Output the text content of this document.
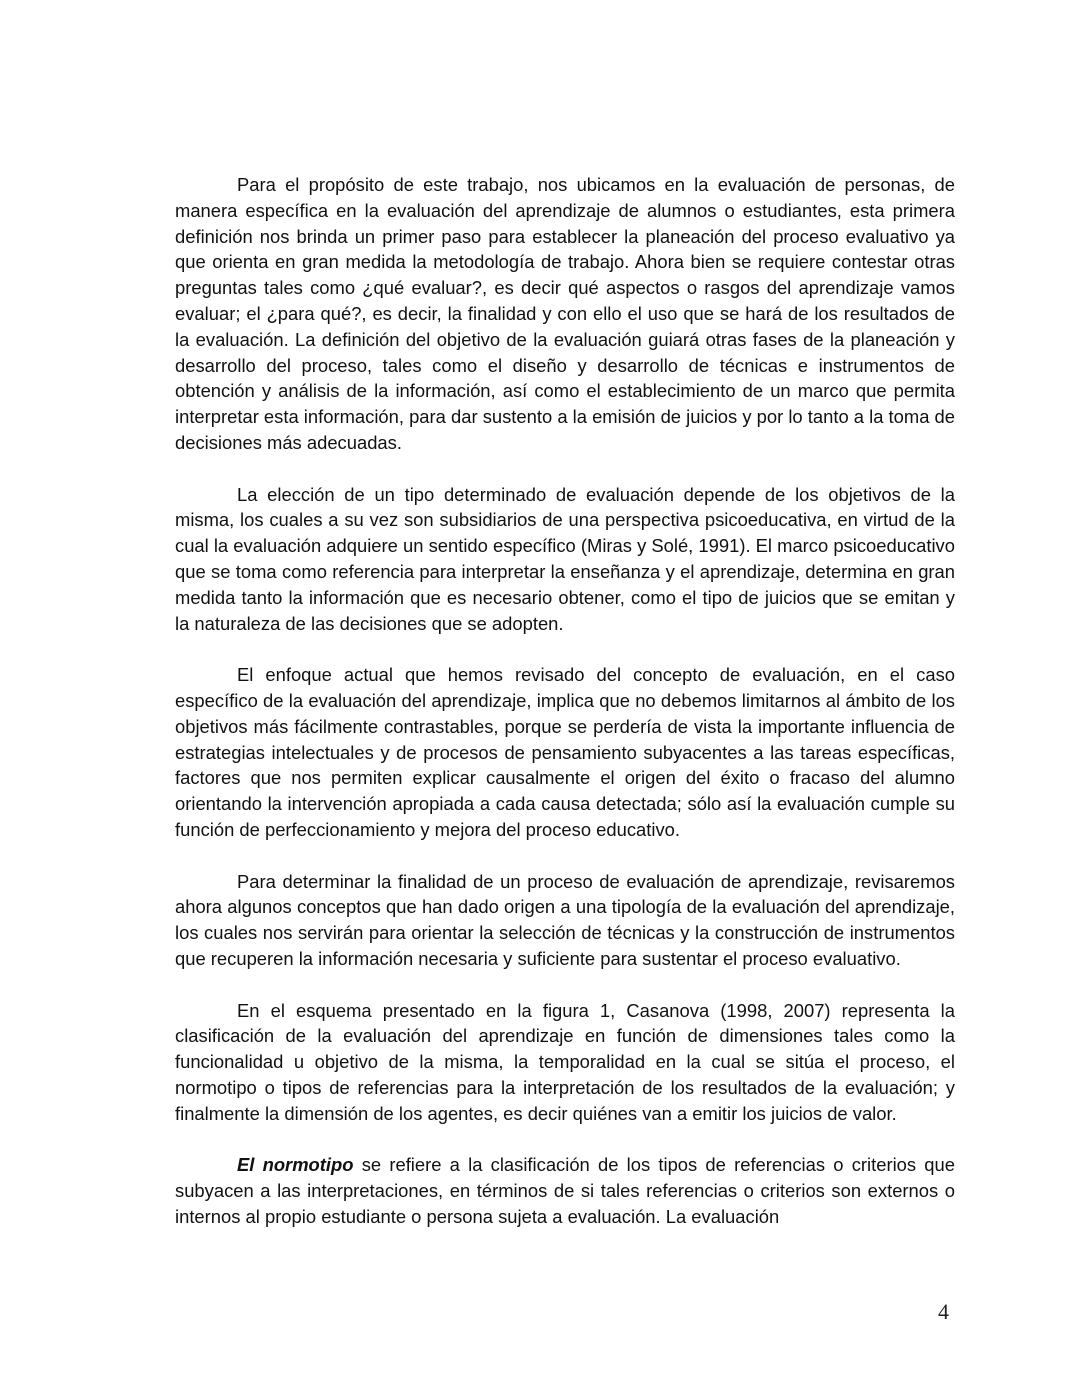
Para el propósito de este trabajo, nos ubicamos en la evaluación de personas, de manera específica en la evaluación del aprendizaje de alumnos o estudiantes, esta primera definición nos brinda un primer paso para establecer la planeación del proceso evaluativo ya que orienta en gran medida la metodología de trabajo. Ahora bien se requiere contestar otras preguntas tales como ¿qué evaluar?, es decir qué aspectos o rasgos del aprendizaje vamos evaluar; el ¿para qué?, es decir, la finalidad y con ello el uso que se hará de los resultados de la evaluación. La definición del objetivo de la evaluación guiará otras fases de la planeación y desarrollo del proceso, tales como el diseño y desarrollo de técnicas e instrumentos de obtención y análisis de la información, así como el establecimiento de un marco que permita interpretar esta información, para dar sustento a la emisión de juicios y por lo tanto a la toma de decisiones más adecuadas.

La elección de un tipo determinado de evaluación depende de los objetivos de la misma, los cuales a su vez son subsidiarios de una perspectiva psicoeducativa, en virtud de la cual la evaluación adquiere un sentido específico (Miras y Solé, 1991). El marco psicoeducativo que se toma como referencia para interpretar la enseñanza y el aprendizaje, determina en gran medida tanto la información que es necesario obtener, como el tipo de juicios que se emitan y la naturaleza de las decisiones que se adopten.

El enfoque actual que hemos revisado del concepto de evaluación, en el caso específico de la evaluación del aprendizaje, implica que no debemos limitarnos al ámbito de los objetivos más fácilmente contrastables, porque se perdería de vista la importante influencia de estrategias intelectuales y de procesos de pensamiento subyacentes a las tareas específicas, factores que nos permiten explicar causalmente el origen del éxito o fracaso del alumno orientando la intervención apropiada a cada causa detectada; sólo así la evaluación cumple su función de perfeccionamiento y mejora del proceso educativo.

Para determinar la finalidad de un proceso de evaluación de aprendizaje, revisaremos ahora algunos conceptos que han dado origen a una tipología de la evaluación del aprendizaje, los cuales nos servirán para orientar la selección de técnicas y la construcción de instrumentos que recuperen la información necesaria y suficiente para sustentar el proceso evaluativo.

En el esquema presentado en la figura 1, Casanova (1998, 2007) representa la clasificación de la evaluación del aprendizaje en función de dimensiones tales como la funcionalidad u objetivo de la misma, la temporalidad en la cual se sitúa el proceso, el normotipo o tipos de referencias para la interpretación de los resultados de la evaluación; y finalmente la dimensión de los agentes, es decir quiénes van a emitir los juicios de valor.

El normotipo se refiere a la clasificación de los tipos de referencias o criterios que subyacen a las interpretaciones, en términos de si tales referencias o criterios son externos o internos al propio estudiante o persona sujeta a evaluación. La evaluación

4
